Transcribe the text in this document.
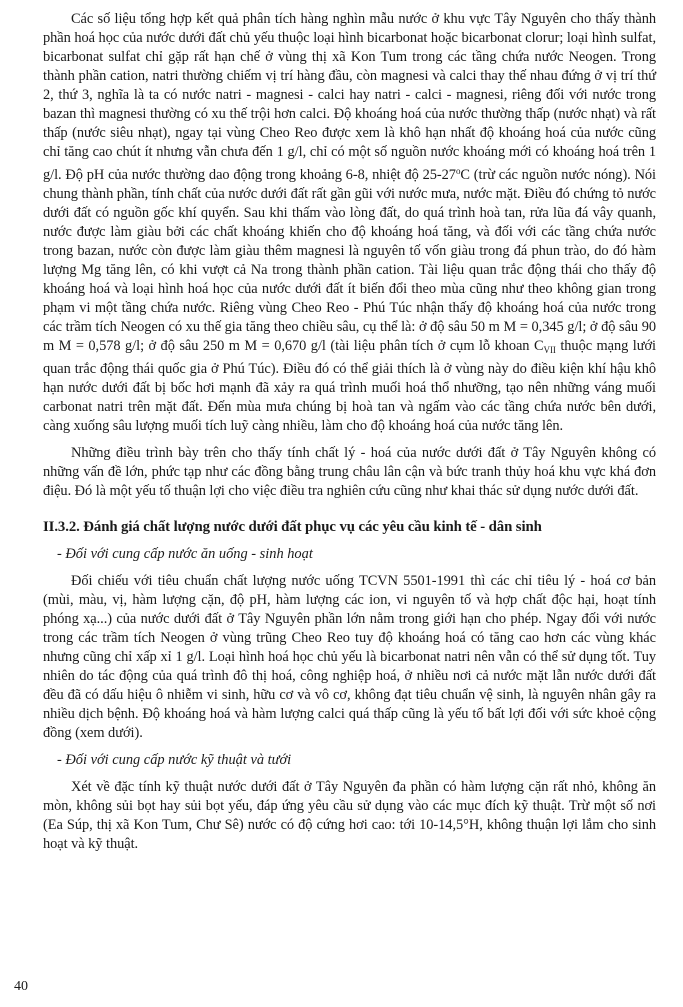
Các số liệu tổng hợp kết quả phân tích hàng nghìn mẫu nước ở khu vực Tây Nguyên cho thấy thành phần hoá học của nước dưới đất chủ yếu thuộc loại hình bicarbonat hoặc bicarbonat clorur; loại hình sulfat, bicarbonat sulfat chỉ gặp rất hạn chế ở vùng thị xã Kon Tum trong các tầng chứa nước Neogen. Trong thành phần cation, natri thường chiếm vị trí hàng đầu, còn magnesi và calci thay thế nhau đứng ở vị trí thứ 2, thứ 3, nghĩa là ta có nước natri - magnesi - calci hay natri - calci - magnesi, riêng đối với nước trong bazan thì magnesi thường có xu thế trội hơn calci. Độ khoáng hoá của nước thường thấp (nước nhạt) và rất thấp (nước siêu nhạt), ngay tại vùng Cheo Reo được xem là khô hạn nhất độ khoáng hoá của nước cũng chỉ tăng cao chút ít nhưng vẫn chưa đến 1 g/l, chỉ có một số nguồn nước khoáng mới có khoáng hoá trên 1 g/l. Độ pH của nước thường dao động trong khoảng 6-8, nhiệt độ 25-27$^o$C (trừ các nguồn nước nóng). Nói chung thành phần, tính chất của nước dưới đất rất gần gũi với nước mưa, nước mặt. Điều đó chứng tỏ nước dưới đất có nguồn gốc khí quyển. Sau khi thấm vào lòng đất, do quá trình hoà tan, rửa lũa đá vây quanh, nước được làm giàu bởi các chất khoáng khiến cho độ khoáng hoá tăng, và đối với các tầng chứa nước trong bazan, nước còn được làm giàu thêm magnesi là nguyên tố vốn giàu trong đá phun trào, do đó hàm lượng Mg tăng lên, có khi vượt cả Na trong thành phần cation. Tài liệu quan trắc động thái cho thấy độ khoáng hoá và loại hình hoá học của nước dưới đất ít biến đổi theo mùa cũng như theo không gian trong phạm vi một tầng chứa nước. Riêng vùng Cheo Reo - Phú Túc nhận thấy độ khoáng hoá của nước trong các trầm tích Neogen có xu thế gia tăng theo chiều sâu, cụ thể là: ở độ sâu 50 m M = 0,345 g/l; ở độ sâu 90 m M = 0,578 g/l; ở độ sâu 250 m M = 0,670 g/l (tài liệu phân tích ở cụm lỗ khoan $C_{VII}$ thuộc mạng lưới quan trắc động thái quốc gia ở Phú Túc). Điều đó có thể giải thích là ở vùng này do điều kiện khí hậu khô hạn nước dưới đất bị bốc hơi mạnh đã xảy ra quá trình muối hoá thổ nhưỡng, tạo nên những váng muối carbonat natri trên mặt đất. Đến mùa mưa chúng bị hoà tan và ngấm vào các tầng chứa nước bên dưới, càng xuống sâu lượng muối tích luỹ càng nhiều, làm cho độ khoáng hoá của nước tăng lên.

Những điều trình bày trên cho thấy tính chất lý - hoá của nước dưới đất ở Tây Nguyên không có những vấn đề lớn, phức tạp như các đồng bằng trung châu lân cận và bức tranh thủy hoá khu vực khá đơn điệu. Đó là một yếu tố thuận lợi cho việc điều tra nghiên cứu cũng như khai thác sử dụng nước dưới đất.

II.3.2. Đánh giá chất lượng nước dưới đất phục vụ các yêu cầu kinh tế - dân sinh

- Đối với cung cấp nước ăn uống - sinh hoạt

Đối chiếu với tiêu chuẩn chất lượng nước uống TCVN 5501-1991 thì các chỉ tiêu lý - hoá cơ bản (mùi, màu, vị, hàm lượng cặn, độ pH, hàm lượng các ion, vi nguyên tố và hợp chất độc hại, hoạt tính phóng xạ...) của nước dưới đất ở Tây Nguyên phần lớn nằm trong giới hạn cho phép. Ngay đối với nước trong các trầm tích Neogen ở vùng trũng Cheo Reo tuy độ khoáng hoá có tăng cao hơn các vùng khác nhưng cũng chỉ xấp xỉ 1 g/l. Loại hình hoá học chủ yếu là bicarbonat natri nên vẫn có thể sử dụng tốt. Tuy nhiên do tác động của quá trình đô thị hoá, công nghiệp hoá, ở nhiều nơi cả nước mặt lẫn nước dưới đất đều đã có dấu hiệu ô nhiễm vi sinh, hữu cơ và vô cơ, không đạt tiêu chuẩn vệ sinh, là nguyên nhân gây ra nhiều dịch bệnh. Độ khoáng hoá và hàm lượng calci quá thấp cũng là yếu tố bất lợi đối với sức khoẻ cộng đồng (xem dưới).

- Đối với cung cấp nước kỹ thuật và tưới

Xét về đặc tính kỹ thuật nước dưới đất ở Tây Nguyên đa phần có hàm lượng cặn rất nhỏ, không ăn mòn, không sủi bọt hay sủi bọt yếu, đáp ứng yêu cầu sử dụng vào các mục đích kỹ thuật. Trừ một số nơi (Ea Súp, thị xã Kon Tum, Chư Sê) nước có độ cứng hơi cao: tới 10-14,5°H, không thuận lợi lắm cho sinh hoạt và kỹ thuật.

40
